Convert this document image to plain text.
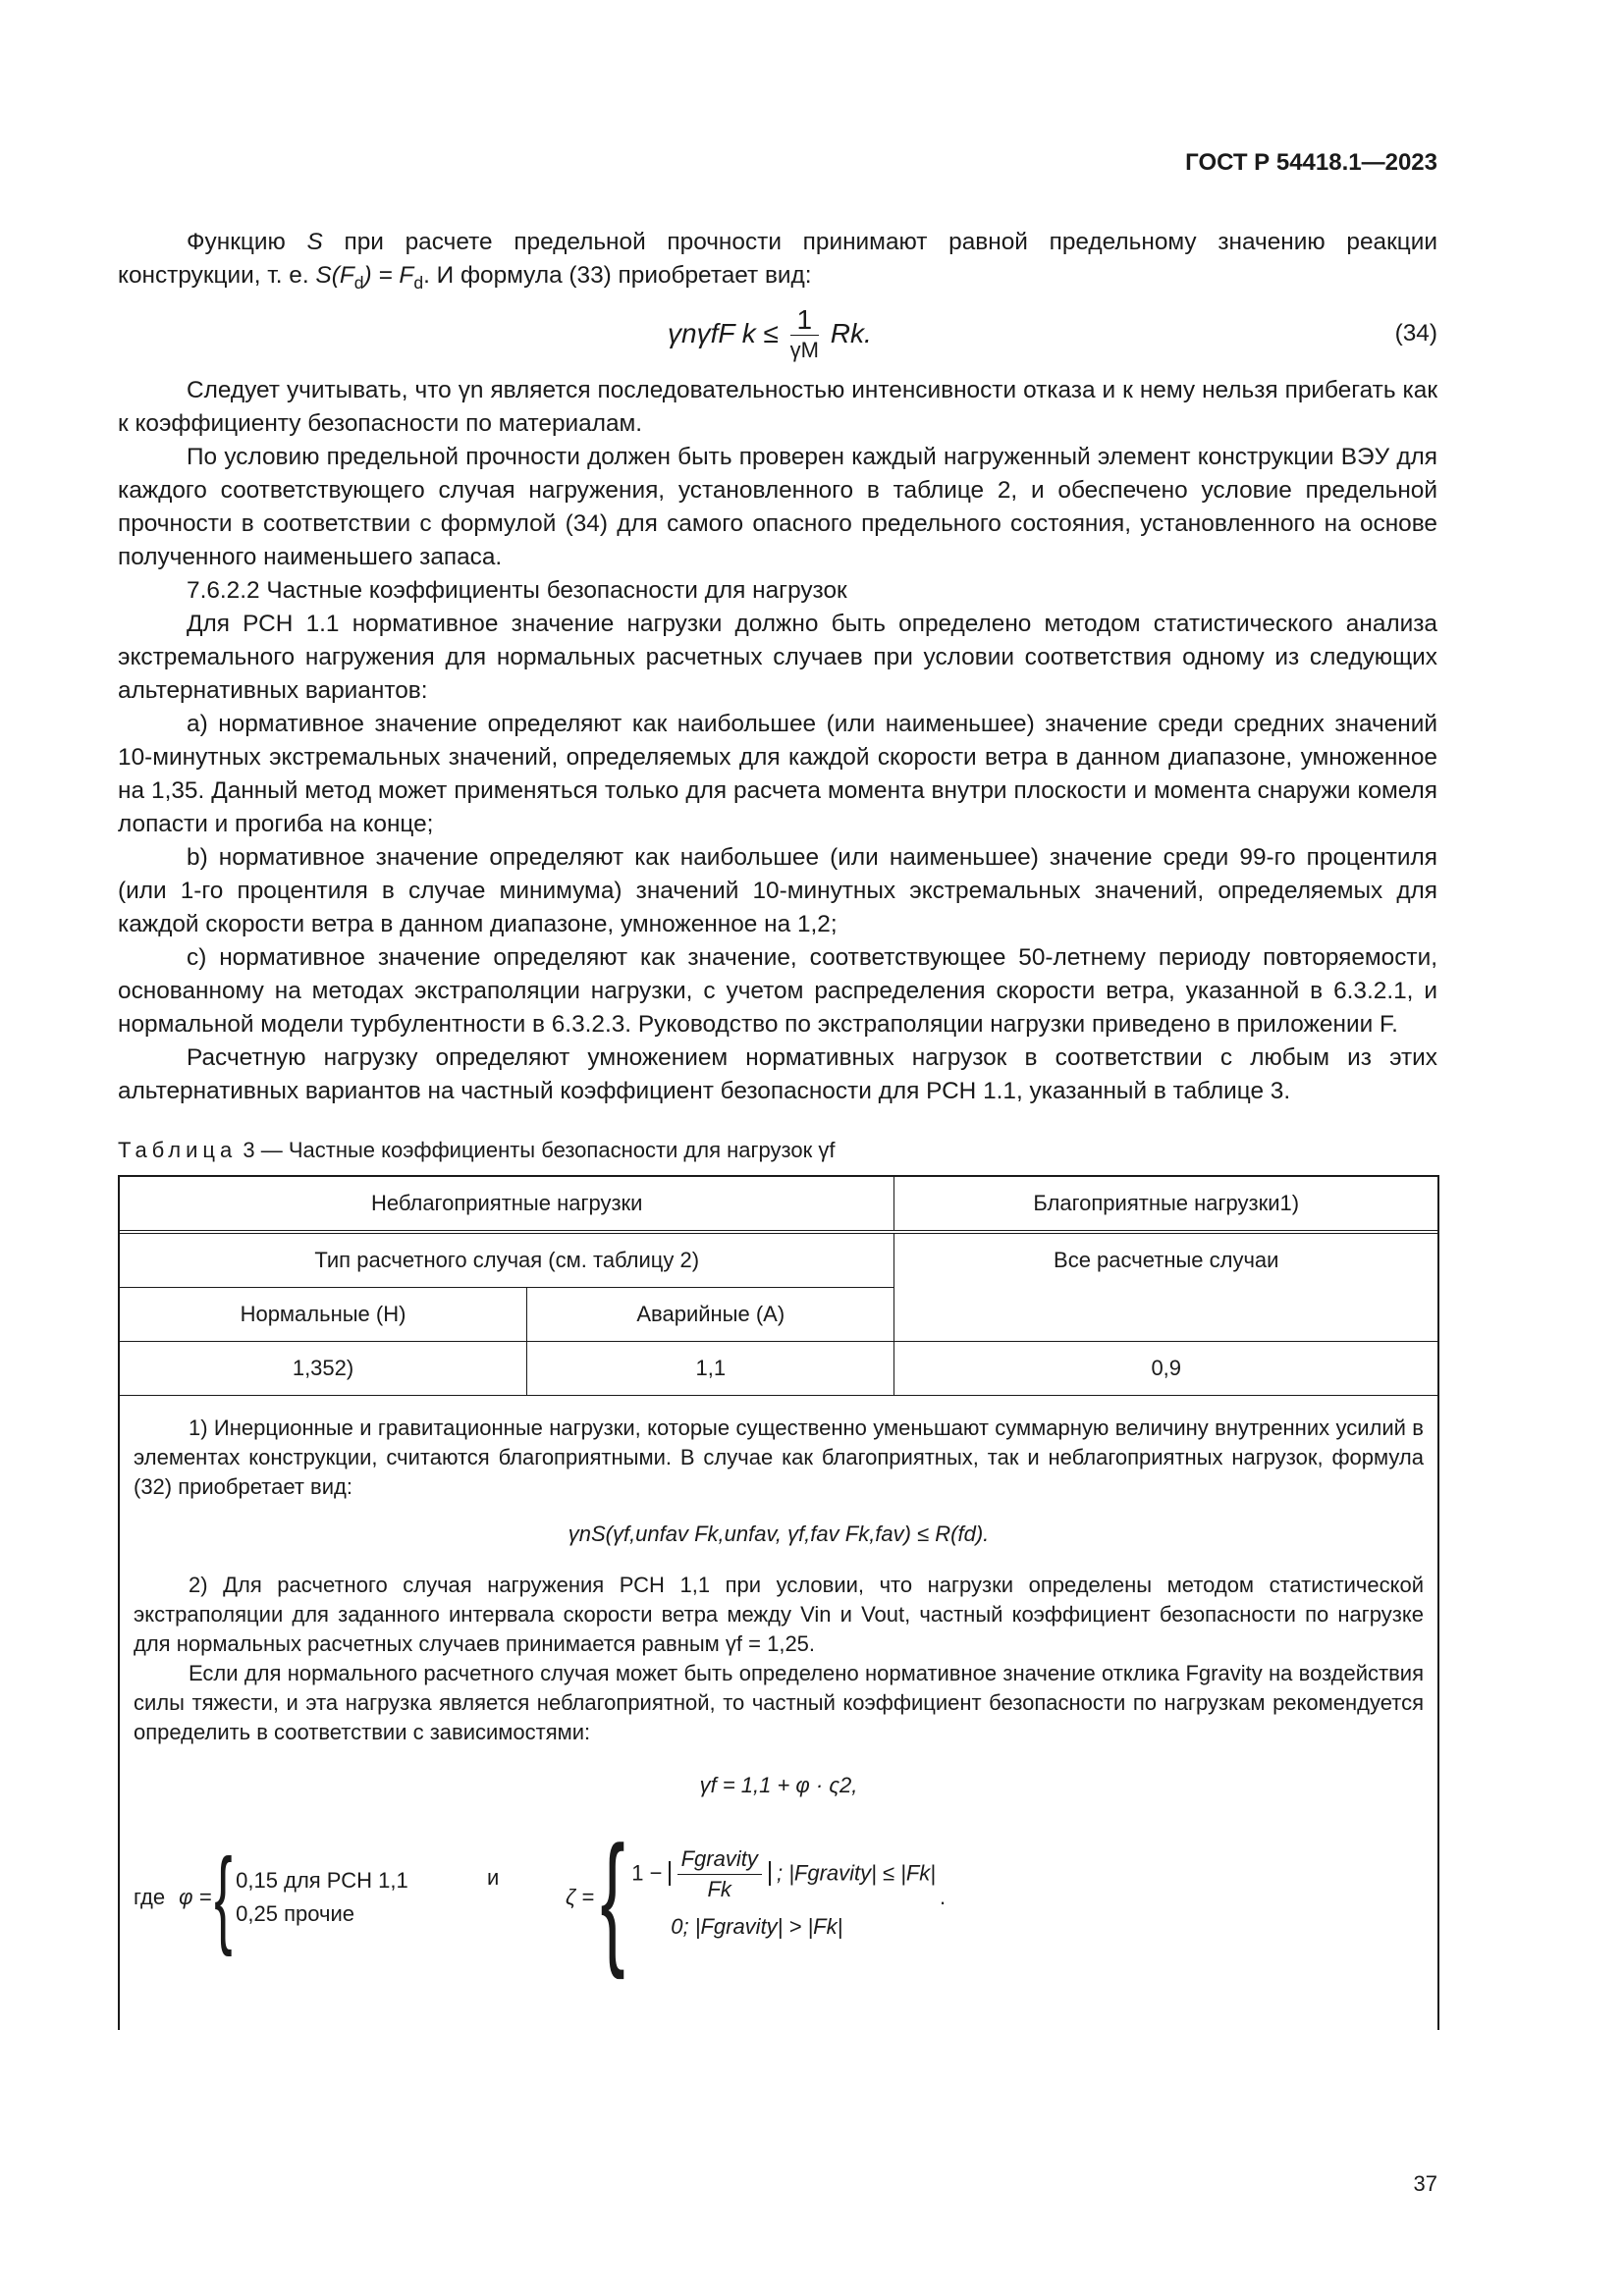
ГОСТ Р 54418.1—2023

Функцию S при расчете предельной прочности принимают равной предельному значению реакции конструкции, т. е. $S(F_d) = F_d$. И формула (33) приобретает вид:

γnγfF $k \le \frac{1}{\gamma M} Rk$.	(34)

Следует учитывать, что γn является последовательностью интенсивности отказа и к нему нельзя прибегать как к коэффициенту безопасности по материалам.

По условию предельной прочности должен быть проверен каждый нагруженный элемент конструкции ВЭУ для каждого соответствующего случая нагружения, установленного в таблице 2, и обеспечено условие предельной прочности в соответствии с формулой (34) для самого опасного предельного состояния, установленного на основе полученного наименьшего запаса.

7.6.2.2 Частные коэффициенты безопасности для нагрузок

Для РСН 1.1 нормативное значение нагрузки должно быть определено методом статистического анализа экстремального нагружения для нормальных расчетных случаев при условии соответствия одному из следующих альтернативных вариантов:

a) нормативное значение определяют как наибольшее (или наименьшее) значение среди средних значений 10-минутных экстремальных значений, определяемых для каждой скорости ветра в данном диапазоне, умноженное на 1,35. Данный метод может применяться только для расчета момента внутри плоскости и момента снаружи комеля лопасти и прогиба на конце;

b) нормативное значение определяют как наибольшее (или наименьшее) значение среди 99-го процентиля (или 1-го процентиля в случае минимума) значений 10-минутных экстремальных значений, определяемых для каждой скорости ветра в данном диапазоне, умноженное на 1,2;

c) нормативное значение определяют как значение, соответствующее 50-летнему периоду повторяемости, основанному на методах экстраполяции нагрузки, с учетом распределения скорости ветра, указанной в 6.3.2.1, и нормальной модели турбулентности в 6.3.2.3. Руководство по экстраполяции нагрузки приведено в приложении F.

Расчетную нагрузку определяют умножением нормативных нагрузок в соответствии с любым из этих альтернативных вариантов на частный коэффициент безопасности для РСН 1.1, указанный в таблице 3.

Таблица 3 — Частные коэффициенты безопасности для нагрузок γf
Неблагоприятные нагрузки		Благоприятные нагрузки1)
Тип расчетного случая (см. таблицу 2)		Все расчетные случаи
Нормальные (Н)	Аварийные (А)	
1,352)	1,1	0,9

1) Инерционные и гравитационные нагрузки, которые существенно уменьшают суммарную величину внутренних усилий в элементах конструкции, считаются благоприятными. В случае как благоприятных, так и неблагоприятных нагрузок, формула (32) приобретает вид:

γnS(γf,unfav Fk,unfav, γf,fav Fk,fav) ≤ R(fd).

2) Для расчетного случая нагружения РСН 1,1 при условии, что нагрузки определены методом статистической экстраполяции для заданного интервала скорости ветра между Vin и Vout, частный коэффициент безопасности по нагрузке для нормальных расчетных случаев принимается равным γf = 1,25.

Если для нормального расчетного случая может быть определено нормативное значение отклика Fgravity на воздействия силы тяжести, и эта нагрузка является неблагоприятной, то частный коэффициент безопасности по нагрузкам рекомендуется определить в соответствии с зависимостями:

γf = 1,1 + φ · ς2,
где φ = { 0,15 для РСН 1,1
0,25 прочие
и
ζ = { $1 - \frac{\text{Fgravity}}{Fk}$ ; |Fgravity| ≤ |Fk|
0; |Fgravity| > |Fk|
.
37
